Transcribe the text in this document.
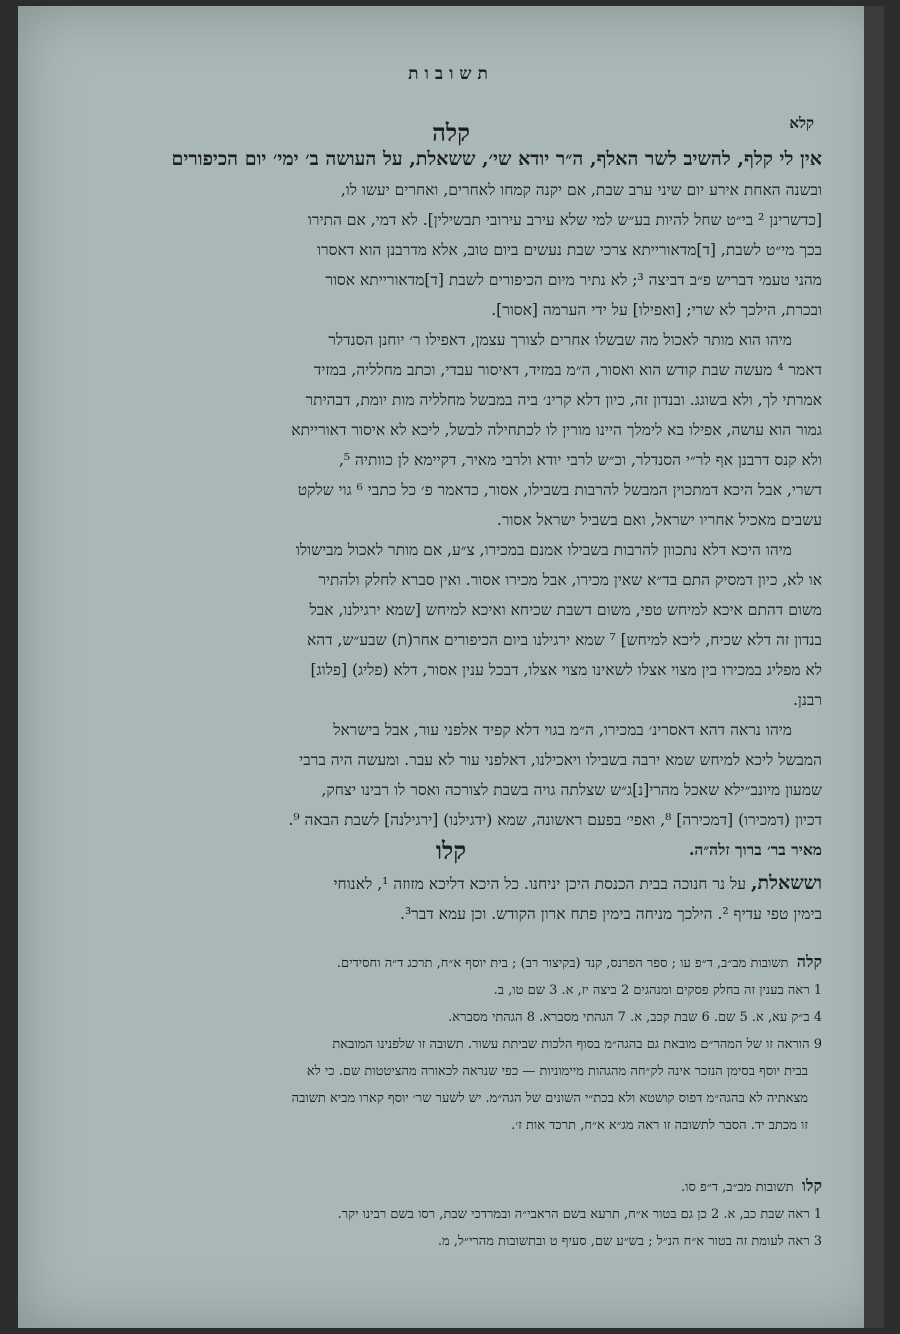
תשובות
קלא
קלה
אין לי קלף, להשיב לשר האלף, ה״ר יודא שי׳, ששאלת, על העושה ב׳ ימי׳ יום הכיפורים
ובשנה האחת אירע יום שיני ערב שבת, אם יקנה קמחו לאחרים, ואחרים יעשו לו,
[כדשרינן ² בי״ט שחל להיות בע״ש למי שלא עירב עירובי תבשילין]. לא דמי, אם התירו
בכך מי״ט לשבת, [ד]מדאורייתא צרכי שבת נעשים ביום טוב, אלא מדרבנן הוא דאסרו
מהני טעמי דבריש פ״ב דביצה ³; לא נתיר מיום הכיפורים לשבת [ד]מדאורייתא אסור
ובכרת, הילכך לא שרי; [ואפילו] על ידי הערמה [אסור].
מיהו הוא מותר לאכול מה שבשלו אחרים לצורך עצמן, דאפילו ר׳ יוחנן הסנדלר
דאמר ⁴ מעשה שבת קודש הוא ואסור, ה״מ במזיד, דאיסור עבדי, וכתב מחלליה, במזיד
אמרתי לך, ולא בשוגג. ובנדון זה, כיון דלא קרינ׳ ביה במבשל מחלליה מות יומת, דבהיתר
גמור הוא עושה, אפילו בא לימלך היינו מורין לו לכתחילה לבשל, ליכא לא איסור דאורייתא
ולא קנס דרבנן אף לר״י הסנדלר, וכ״ש לרבי יודא ולרבי מאיר, דקיימא לן כוותיה ⁵,
דשרי, אבל היכא דמתכוין המבשל להרבות בשבילו, אסור, כדאמר פ׳ כל כתבי ⁶ גוי שלקט
עשבים מאכיל אחריו ישראל, ואם בשביל ישראל אסור.
מיהו היכא דלא נתכוון להרבות בשבילו אמנם במכירו, צ״ע, אם מותר לאכול מבישולו
או לא, כיון דמסיק התם בד״א שאין מכירו, אבל מכירו אסור. ואין סברא לחלק ולהתיר
משום דהתם איכא למיחש טפי, משום דשבת שכיחא ואיכא למיחש [שמא ירגילנו, אבל
בנדון זה דלא שכיח, ליכא למיחש] ⁷ שמא ירגילנו ביום הכיפורים אחר(ת) שבע״ש, דהא
לא מפליג במכירו בין מצוי אצלו לשאינו מצוי אצלו, דבכל ענין אסור, דלא (פליג) [פלוג]
רבנן.
מיהו נראה דהא דאסרינ׳ במכירו, ה״מ בגוי דלא קפיד אלפני עור, אבל בישראל
המבשל ליכא למיחש שמא ירבה בשבילו ויאכילנו, דאלפני עור לא עבר. ומעשה היה ברבי
שמעון מיונב״ילא שאכל מהרי[נ]ג״ש שצלתה גויה בשבת לצורכה ואסר לו רבינו יצחק,
דכיון (דמכירו) [דמכירה] ⁸, ואפי׳ בפעם ראשונה, שמא (ידגילנו) [ירגילנה] לשבת הבאה ⁹.
מאיר בר׳ ברוך זלה״ה.
קלו
וששאלת, על נר חנוכה בבית הכנסת היכן יניחנו. כל היכא דליכא מזוזה ¹, לאנוחי
בימין טפי עדיף ². הילכך מניחה בימין פתח ארון הקודש. וכן עמא דבר³.
קלה  תשובות מב״ב, ד״פ עו ; ספר הפרנס, קנד (בקיצור רב) ; בית יוסף א״ח, תרכג ד״ה וחסידים.
1 ראה בענין זה בחלק פסקים ומנהגים 2 ביצה יז, א. 3 שם טו, ב.
4 ב״ק עא, א. 5 שם. 6 שבת קכב, א. 7 הגהתי מסברא. 8 הגהתי מסברא.
9 הוראה זו של המהר״ם מובאת גם בהגה״מ בסוף הלכות שביתת עשור. תשובה זו שלפנינו המובאת
בבית יוסף בסימן הנזכר אינה לק״חה מהגהות מיימוניות — כפי שנראה לכאורה מהציטטות שם. כי לא
מצאתיה לא בהגה״מ דפוס קושטא ולא בכת״י השונים של הגה״מ. יש לשער שר׳ יוסף קארו מביא תשובה
זו מכתב יד. הסבר לתשובה זו ראה מג״א א״ח, תרכד אות ז׳.
קלו  תשובות מב״ב, ד״פ סו.
1 ראה שבת כב, א. 2 כן גם בטור א״ח, תרעא בשם הראבי״ה ובמרדכי שבת, רסו בשם רבינו יקר.
3 ראה לעומת זה בטור א״ח הנ״ל ; בש״ע שם, סעיף ט ובתשובות מהרי״ל, מ.
